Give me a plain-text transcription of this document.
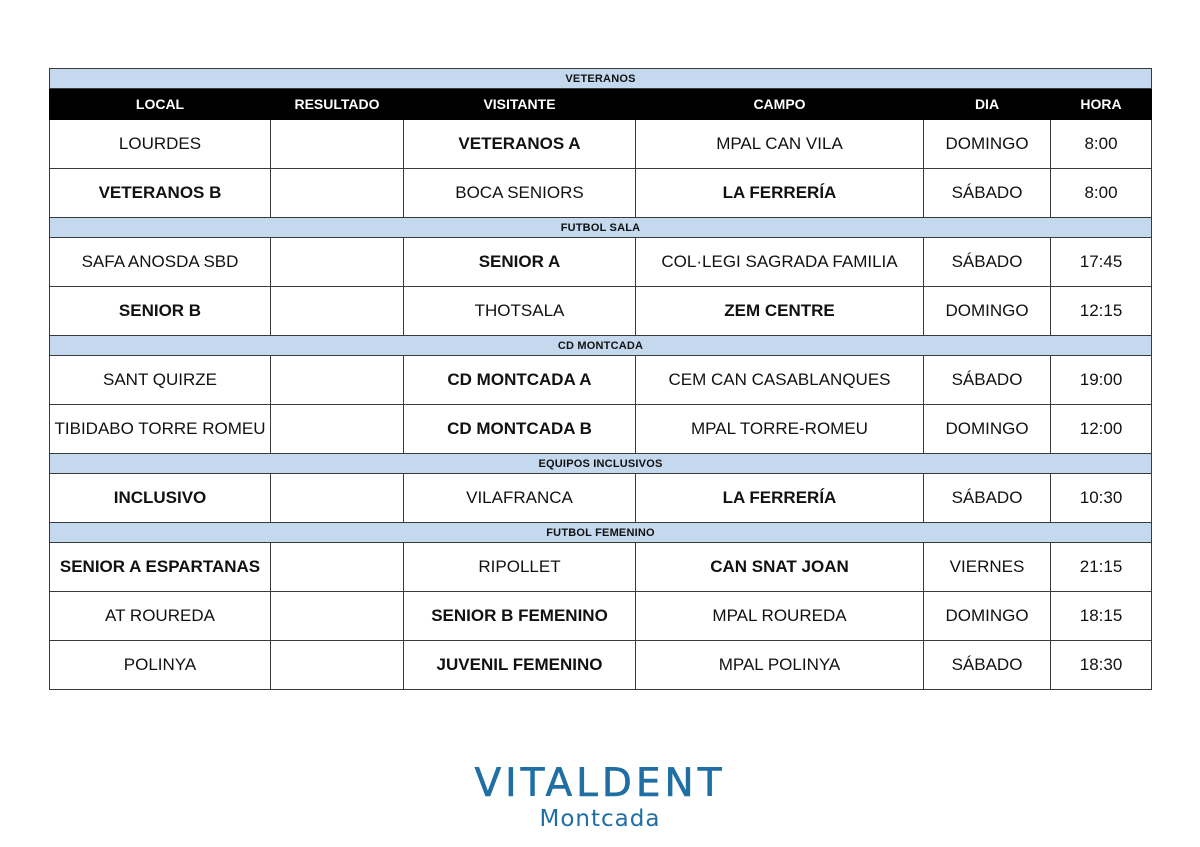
VETERANOS					
LOCAL	RESULTADO	VISITANTE	CAMPO	DIA	HORA
LOURDES		VETERANOS A	MPAL CAN VILA	DOMINGO	8:00
VETERANOS B		BOCA SENIORS	LA FERRERÍA	SÁBADO	8:00
FUTBOL SALA					
SAFA ANOSDA SBD		SENIOR A	COL·LEGI SAGRADA FAMILIA	SÁBADO	17:45
SENIOR B		THOTSALA	ZEM CENTRE	DOMINGO	12:15
CD MONTCADA					
SANT QUIRZE		CD MONTCADA A	CEM CAN CASABLANQUES	SÁBADO	19:00
TIBIDABO TORRE ROMEU		CD MONTCADA B	MPAL TORRE-ROMEU	DOMINGO	12:00
EQUIPOS INCLUSIVOS					
INCLUSIVO		VILAFRANCA	LA FERRERÍA	SÁBADO	10:30
FUTBOL FEMENINO					
SENIOR A ESPARTANAS		RIPOLLET	CAN SNAT JOAN	VIERNES	21:15
AT ROUREDA		SENIOR B FEMENINO	MPAL ROUREDA	DOMINGO	18:15
POLINYA		JUVENIL FEMENINO	MPAL POLINYA	SÁBADO	18:30
VITALDENT
Montcada
